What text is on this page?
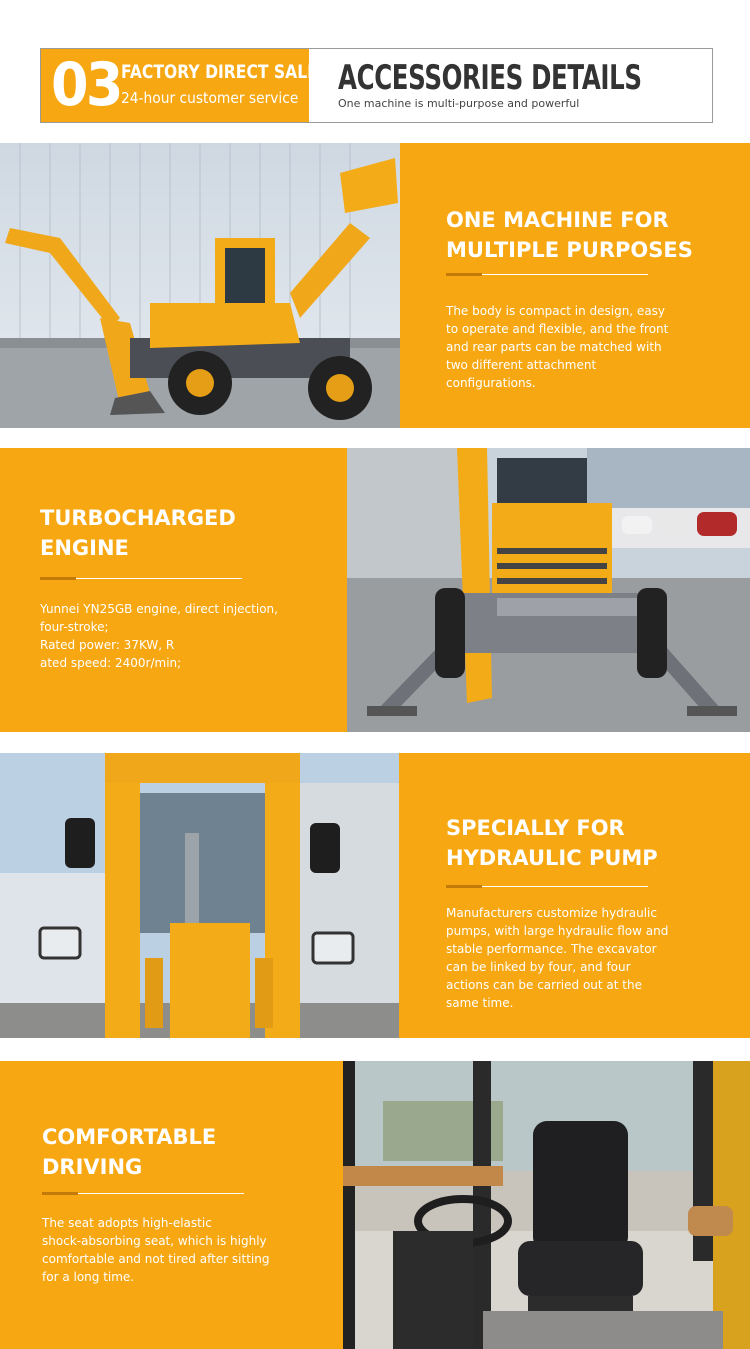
03 FACTORY DIRECT SALES
24-hour customer service ACCESSORIES DETAILS
One machine is multi-purpose and powerful
ONE MACHINE FOR
MULTIPLE PURPOSES
The body is compact in design, easy
to operate and flexible, and the front
and rear parts can be matched with
two different attachment
configurations.
TURBOCHARGED
ENGINE
Yunnei YN25GB engine, direct injection,
four-stroke;
Rated power: 37KW, R
ated speed: 2400r/min;
SPECIALLY FOR
HYDRAULIC PUMP
Manufacturers customize hydraulic
pumps, with large hydraulic flow and
stable performance. The excavator
can be linked by four, and four
actions can be carried out at the
same time.
COMFORTABLE
DRIVING
The seat adopts high-elastic
shock-absorbing seat, which is highly
comfortable and not tired after sitting
for a long time.
